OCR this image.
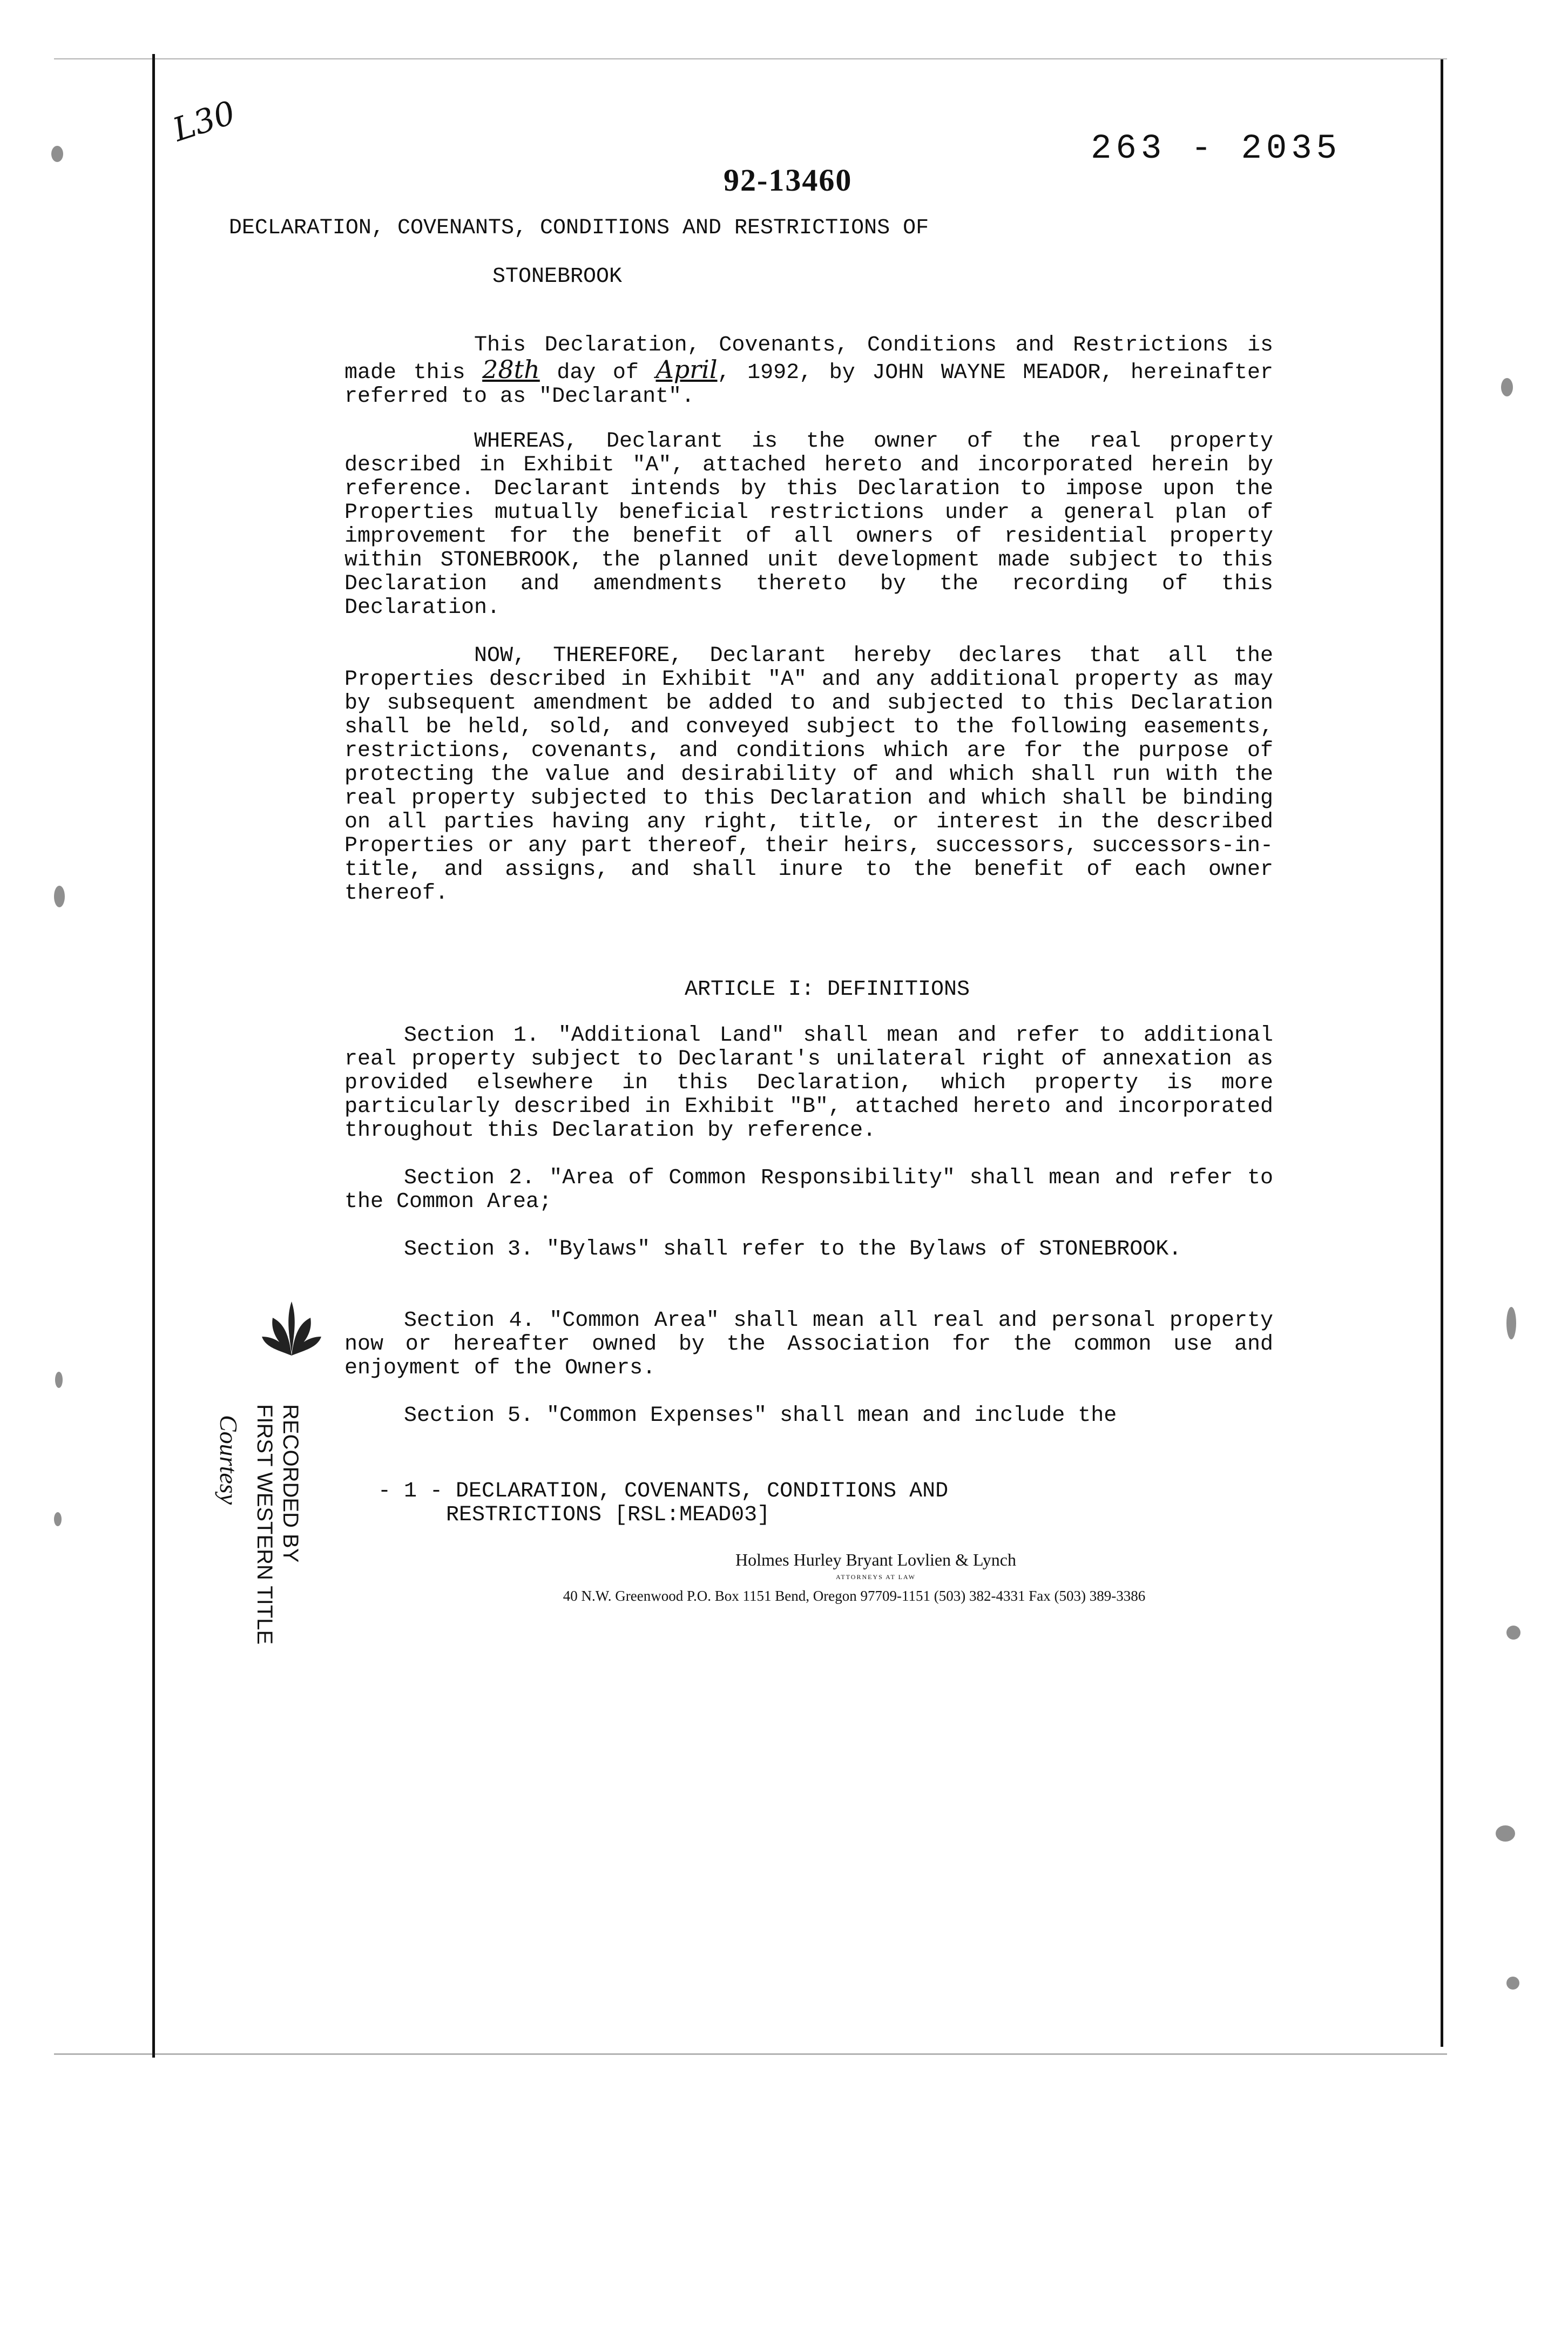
L30	263 - 2035
92-13460
DECLARATION, COVENANTS, CONDITIONS AND RESTRICTIONS OF
STONEBROOK
This Declaration, Covenants, Conditions and Restrictions is made this 28th day of April, 1992, by JOHN WAYNE MEADOR, hereinafter referred to as "Declarant".
WHEREAS, Declarant is the owner of the real property described in Exhibit "A", attached hereto and incorporated herein by reference. Declarant intends by this Declaration to impose upon the Properties mutually beneficial restrictions under a general plan of improvement for the benefit of all owners of residential property within STONEBROOK, the planned unit development made subject to this Declaration and amendments thereto by the recording of this Declaration.
NOW, THEREFORE, Declarant hereby declares that all the Properties described in Exhibit "A" and any additional property as may by subsequent amendment be added to and subjected to this Declaration shall be held, sold, and conveyed subject to the following easements, restrictions, covenants, and conditions which are for the purpose of protecting the value and desirability of and which shall run with the real property subjected to this Declaration and which shall be binding on all parties having any right, title, or interest in the described Properties or any part thereof, their heirs, successors, successors-in-title, and assigns, and shall inure to the benefit of each owner thereof.
ARTICLE I: DEFINITIONS
Section 1. "Additional Land" shall mean and refer to additional real property subject to Declarant's unilateral right of annexation as provided elsewhere in this Declaration, which property is more particularly described in Exhibit "B", attached hereto and incorporated throughout this Declaration by reference.
Section 2. "Area of Common Responsibility" shall mean and refer to the Common Area;
Section 3. "Bylaws" shall refer to the Bylaws of STONEBROOK.
Section 4. "Common Area" shall mean all real and personal property now or hereafter owned by the Association for the common use and enjoyment of the Owners.
Section 5. "Common Expenses" shall mean and include the
RECORDED BY
FIRST WESTERN TITLE
Courtesy	- 1 - DECLARATION, COVENANTS, CONDITIONS AND
RESTRICTIONS [RSL:MEAD03]
Holmes Hurley Bryant Lovlien & Lynch
ATTORNEYS AT LAW
40 N.W. Greenwood P.O. Box 1151 Bend, Oregon 97709-1151 (503) 382-4331 Fax (503) 389-3386
